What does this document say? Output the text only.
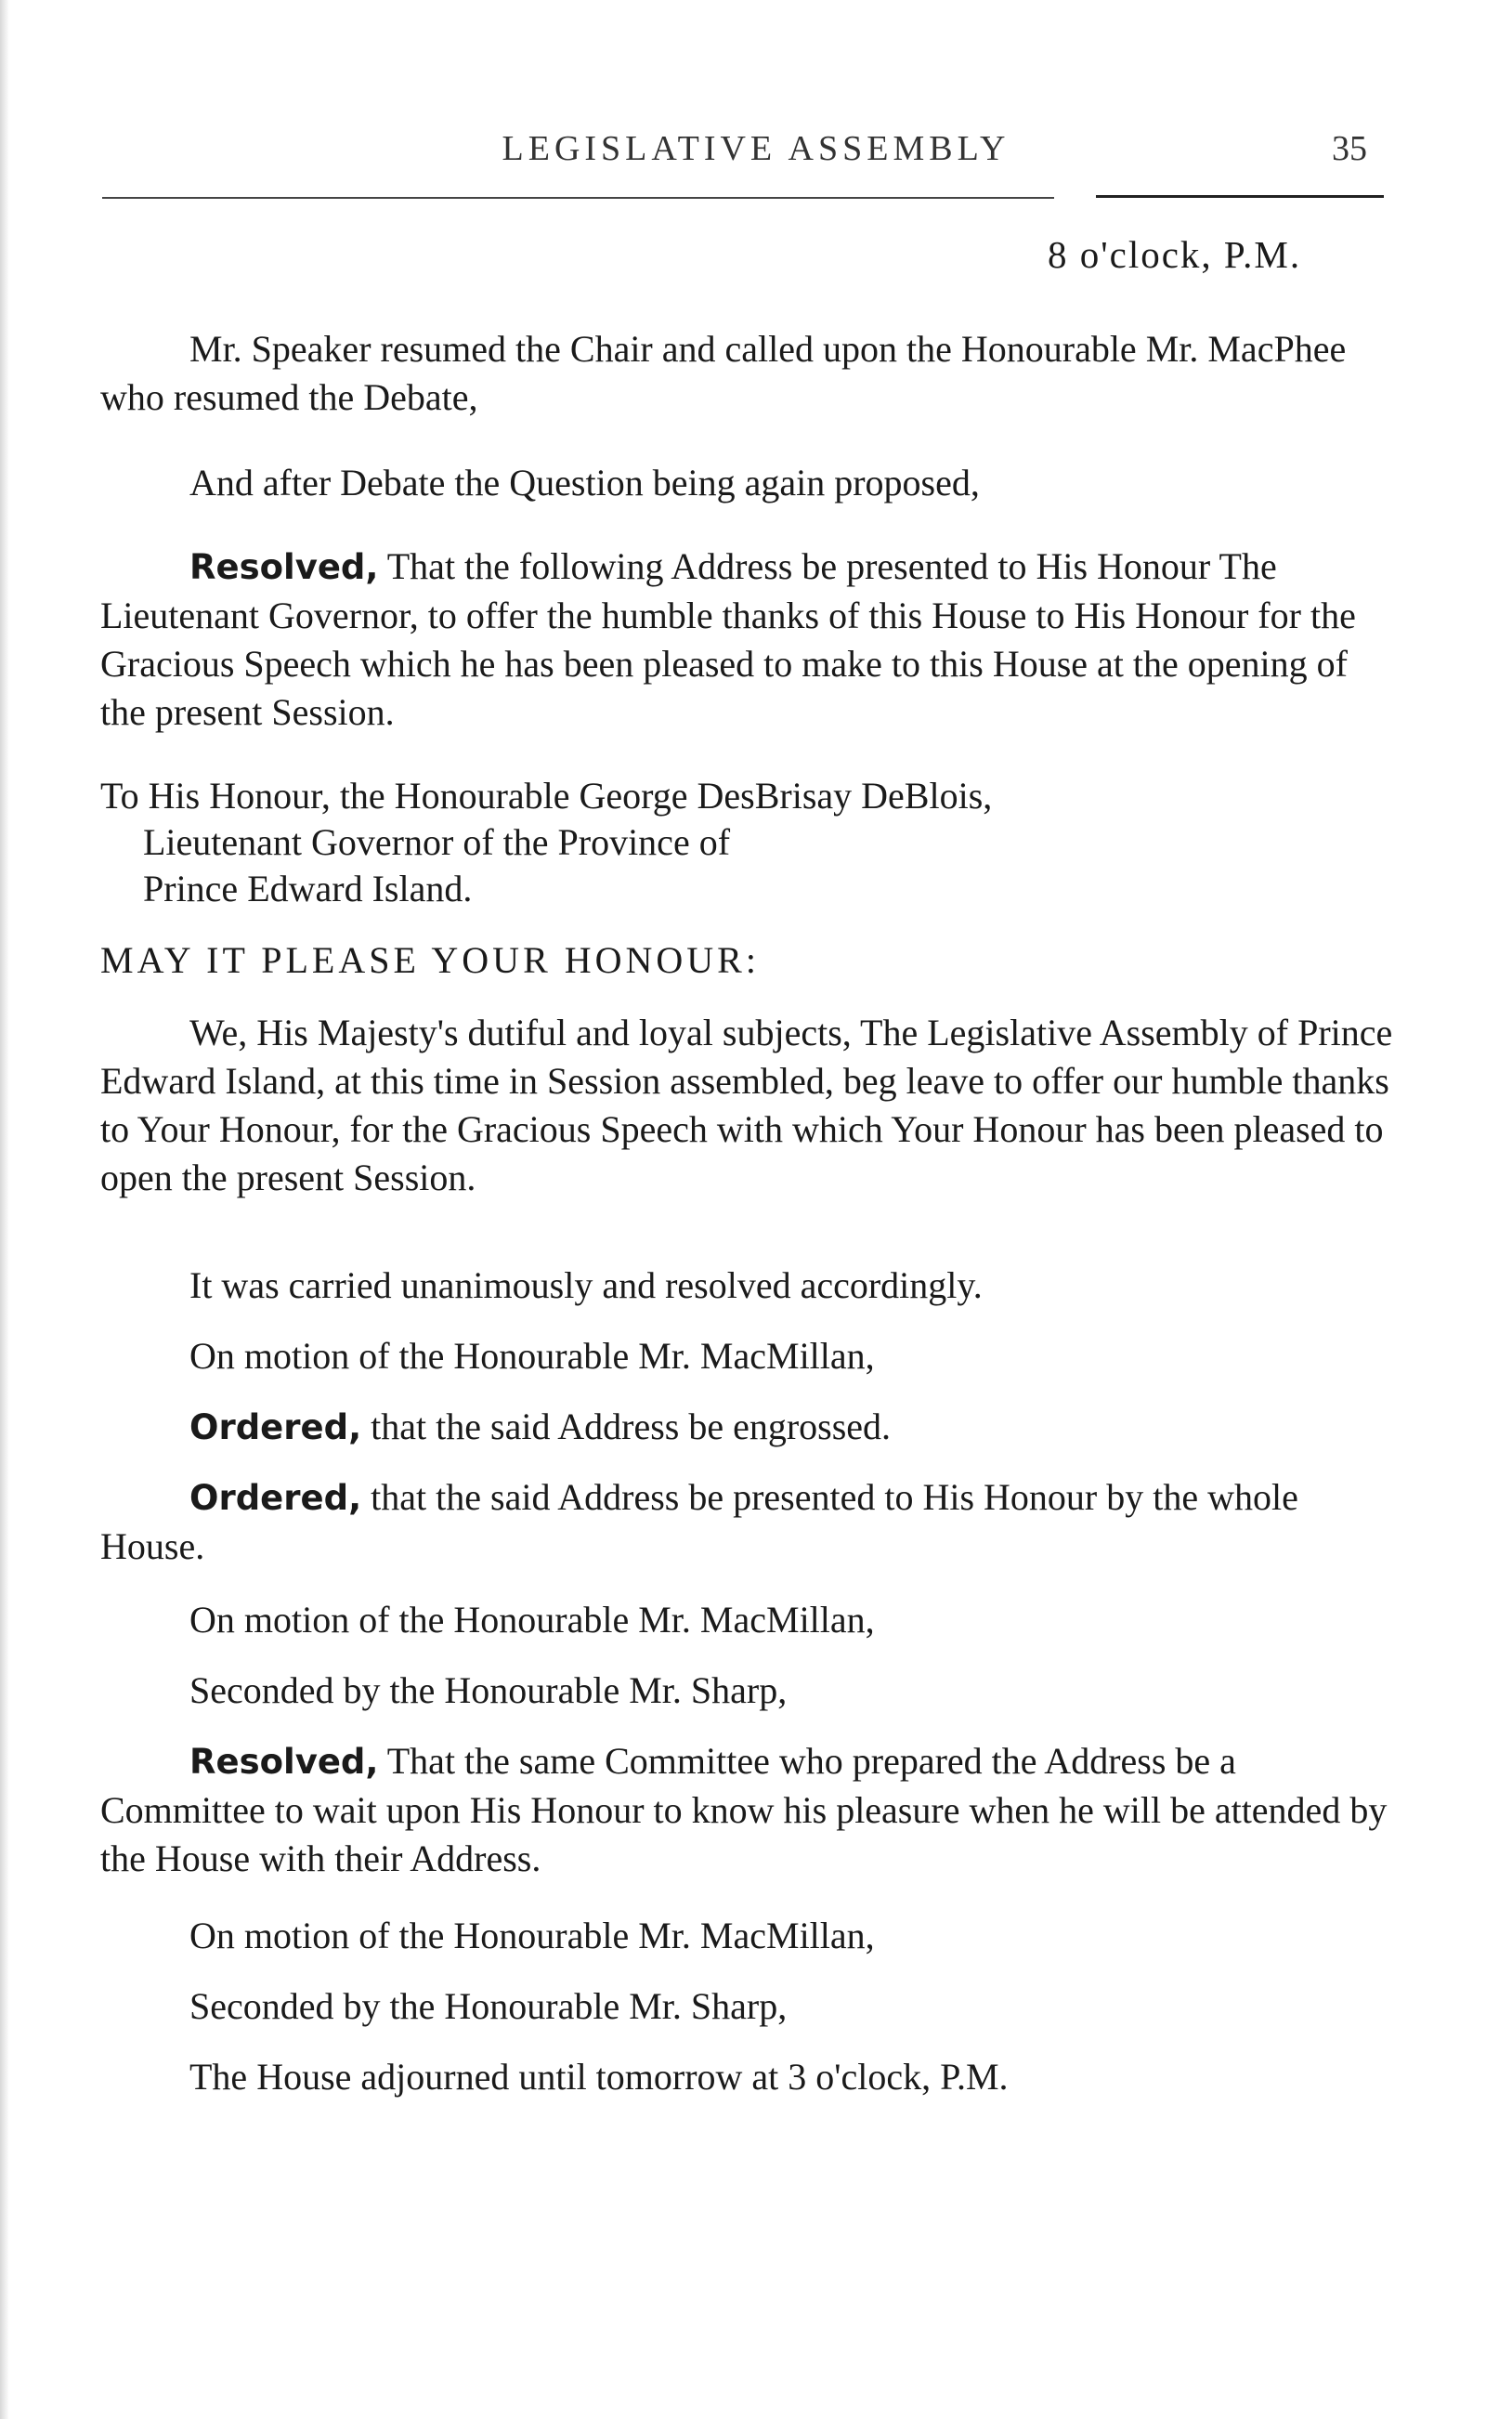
LEGISLATIVE ASSEMBLY	35
8 o'clock, P.M.
Mr. Speaker resumed the Chair and called upon the Honourable Mr. MacPhee who resumed the Debate,
And after Debate the Question being again proposed,
Resolved, That the following Address be presented to His Honour The Lieutenant Governor, to offer the humble thanks of this House to His Honour for the Gracious Speech which he has been pleased to make to this House at the opening of the present Session.
To His Honour, the Honourable George DesBrisay DeBlois,
Lieutenant Governor of the Province of
Prince Edward Island.
MAY IT PLEASE YOUR HONOUR:
We, His Majesty's dutiful and loyal subjects, The Legislative Assembly of Prince Edward Island, at this time in Session assembled, beg leave to offer our humble thanks to Your Honour, for the Gracious Speech with which Your Honour has been pleased to open the present Session.
It was carried unanimously and resolved accordingly.
On motion of the Honourable Mr. MacMillan,
Ordered, that the said Address be engrossed.
Ordered, that the said Address be presented to His Honour by the whole House.
On motion of the Honourable Mr. MacMillan,
Seconded by the Honourable Mr. Sharp,
Resolved, That the same Committee who prepared the Address be a Committee to wait upon His Honour to know his pleasure when he will be attended by the House with their Address.
On motion of the Honourable Mr. MacMillan,
Seconded by the Honourable Mr. Sharp,
The House adjourned until tomorrow at 3 o'clock, P.M.
